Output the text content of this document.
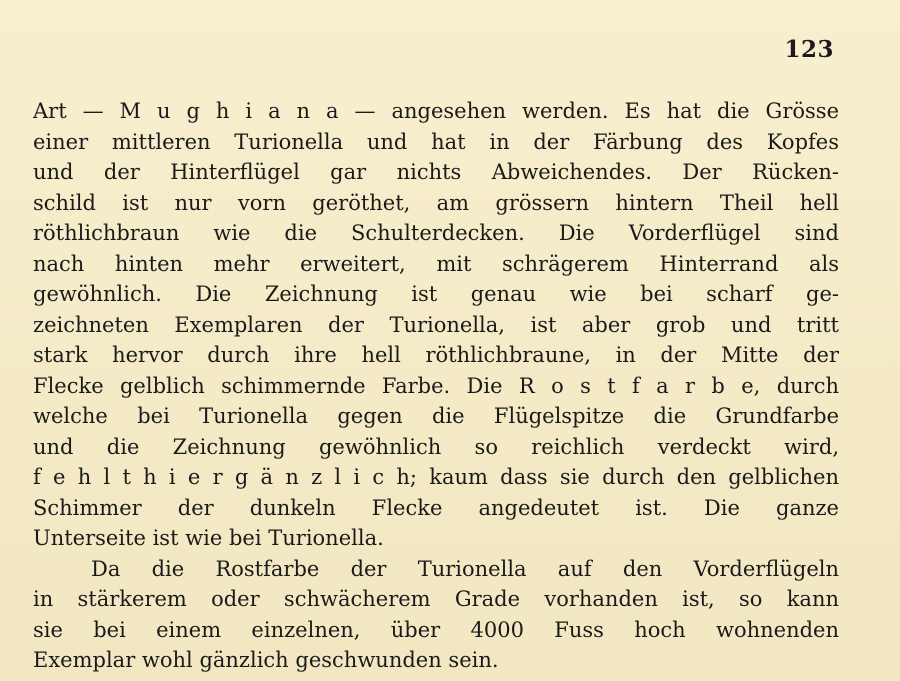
123
Art — M u g h i a n a — angesehen werden. Es hat die Grösse
einer mittleren Turionella und hat in der Färbung des Kopfes
und der Hinterflügel gar nichts Abweichendes. Der Rücken-
schild ist nur vorn geröthet, am grössern hintern Theil hell
röthlichbraun wie die Schulterdecken. Die Vorderflügel sind
nach hinten mehr erweitert, mit schrägerem Hinterrand als
gewöhnlich. Die Zeichnung ist genau wie bei scharf ge-
zeichneten Exemplaren der Turionella, ist aber grob und tritt
stark hervor durch ihre hell röthlichbraune, in der Mitte der
Flecke gelblich schimmernde Farbe. Die R o s t f a r b e, durch
welche bei Turionella gegen die Flügelspitze die Grundfarbe
und die Zeichnung gewöhnlich so reichlich verdeckt wird,
f e h l t h i e r g ä n z l i c h; kaum dass sie durch den gelblichen
Schimmer der dunkeln Flecke angedeutet ist. Die ganze
Unterseite ist wie bei Turionella.
Da die Rostfarbe der Turionella auf den Vorderflügeln
in stärkerem oder schwächerem Grade vorhanden ist, so kann
sie bei einem einzelnen, über 4000 Fuss hoch wohnenden
Exemplar wohl gänzlich geschwunden sein.
